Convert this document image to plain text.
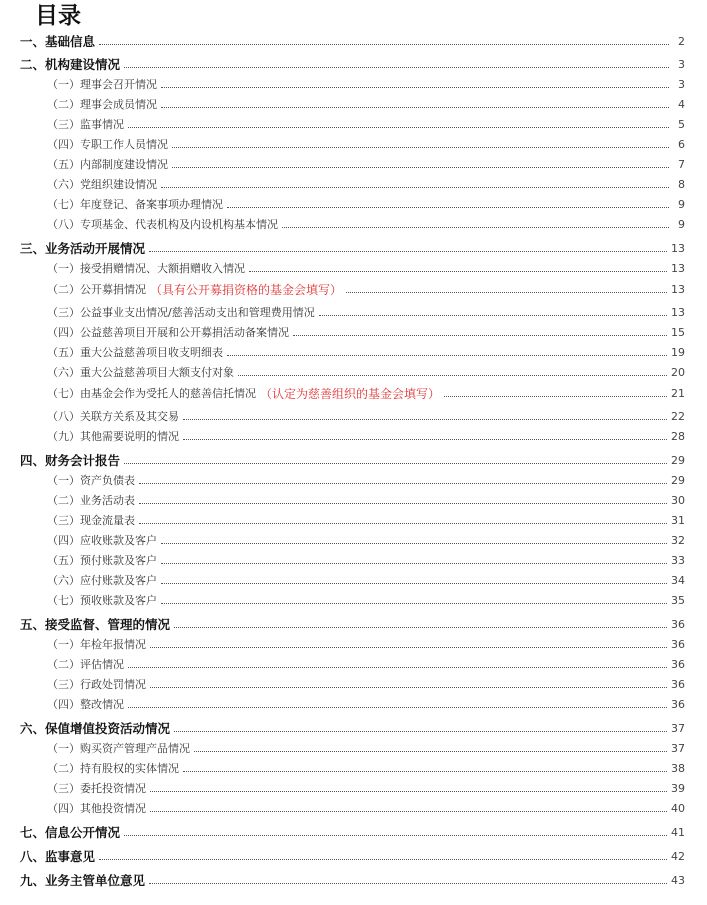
目录
一、基础信息	2
二、机构建设情况	3
（一）理事会召开情况	3
（二）理事会成员情况	4
（三）监事情况	5
（四）专职工作人员情况	6
（五）内部制度建设情况	7
（六）党组织建设情况	8
（七）年度登记、备案事项办理情况	9
（八）专项基金、代表机构及内设机构基本情况	9
三、业务活动开展情况	13
（一）接受捐赠情况、大额捐赠收入情况	13
（二）公开募捐情况 （具有公开募捐资格的基金会填写）	13
（三）公益事业支出情况/慈善活动支出和管理费用情况	13
（四）公益慈善项目开展和公开募捐活动备案情况	15
（五）重大公益慈善项目收支明细表	19
（六）重大公益慈善项目大额支付对象	20
（七）由基金会作为受托人的慈善信托情况 （认定为慈善组织的基金会填写）	21
（八）关联方关系及其交易	22
（九）其他需要说明的情况	28
四、财务会计报告	29
（一）资产负债表	29
（二）业务活动表	30
（三）现金流量表	31
（四）应收账款及客户	32
（五）预付账款及客户	33
（六）应付账款及客户	34
（七）预收账款及客户	35
五、接受监督、管理的情况	36
（一）年检年报情况	36
（二）评估情况	36
（三）行政处罚情况	36
（四）整改情况	36
六、保值增值投资活动情况	37
（一）购买资产管理产品情况	37
（二）持有股权的实体情况	38
（三）委托投资情况	39
（四）其他投资情况	40
七、信息公开情况	41
八、监事意见	42
九、业务主管单位意见	43
